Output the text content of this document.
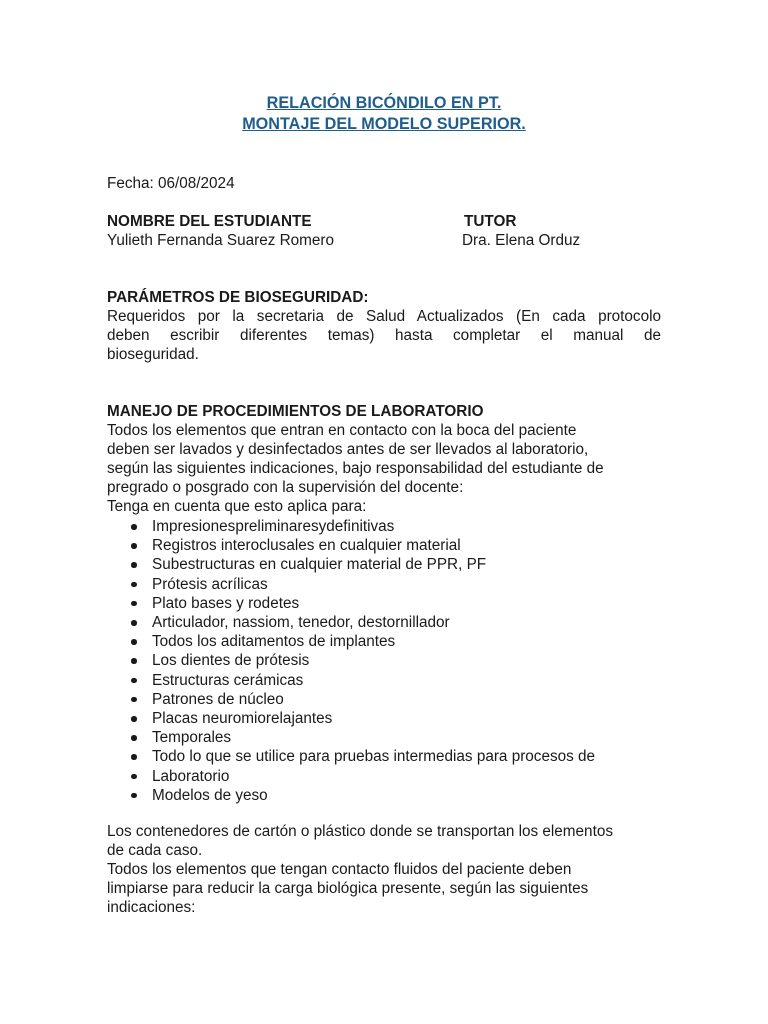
RELACIÓN BICÓNDILO EN PT.
MONTAJE DEL MODELO SUPERIOR.
Fecha: 06/08/2024
NOMBRE DEL ESTUDIANTE	TUTOR
Yulieth Fernanda Suarez Romero	Dra. Elena Orduz
PARÁMETROS DE BIOSEGURIDAD:
Requeridos por la secretaria de Salud Actualizados (En cada protocolo
deben escribir diferentes temas) hasta completar el manual de
bioseguridad.
MANEJO DE PROCEDIMIENTOS DE LABORATORIO
Todos los elementos que entran en contacto con la boca del paciente
deben ser lavados y desinfectados antes de ser llevados al laboratorio,
según las siguientes indicaciones, bajo responsabilidad del estudiante de
pregrado o posgrado con la supervisión del docente:
Tenga en cuenta que esto aplica para:
Impresionespreliminaresydefinitivas
Registros interoclusales en cualquier material
Subestructuras en cualquier material de PPR, PF
Prótesis acrílicas
Plato bases y rodetes
Articulador, nassiom, tenedor, destornillador
Todos los aditamentos de implantes
Los dientes de prótesis
Estructuras cerámicas
Patrones de núcleo
Placas neuromiorelajantes
Temporales
Todo lo que se utilice para pruebas intermedias para procesos de
Laboratorio
Modelos de yeso
Los contenedores de cartón o plástico donde se transportan los elementos
de cada caso.
Todos los elementos que tengan contacto fluidos del paciente deben
limpiarse para reducir la carga biológica presente, según las siguientes
indicaciones:
